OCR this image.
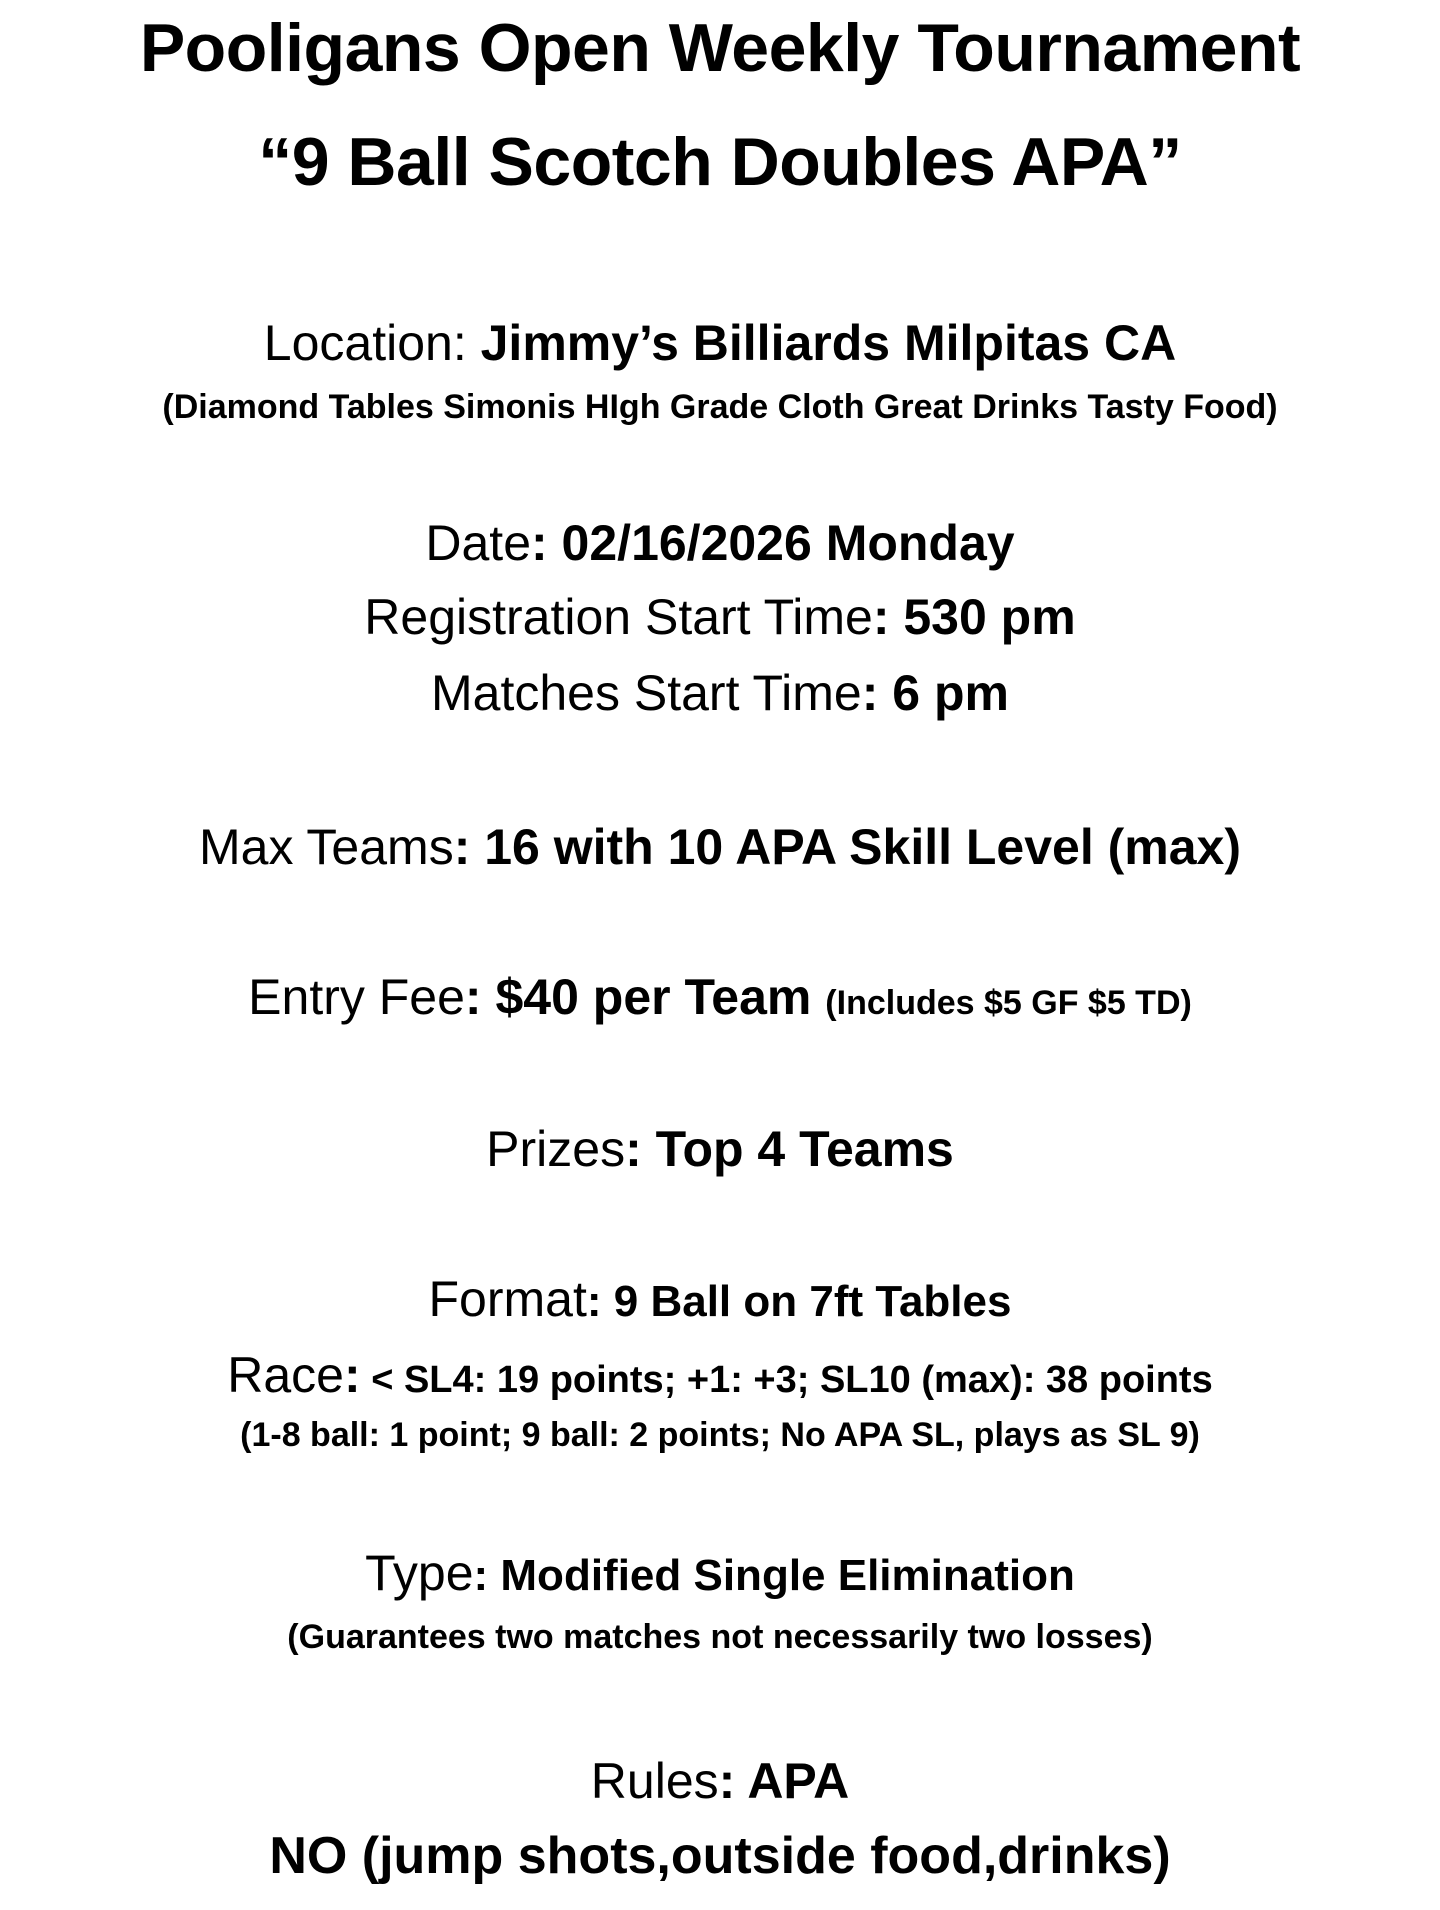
Pooligans Open Weekly Tournament
“9 Ball Scotch Doubles APA”
Location: Jimmy’s Billiards Milpitas CA
(Diamond Tables Simonis HIgh Grade Cloth Great Drinks Tasty Food)
Date: 02/16/2026 Monday
Registration Start Time: 530 pm
Matches Start Time: 6 pm
Max Teams: 16 with 10 APA Skill Level (max)
Entry Fee: $40 per Team (Includes $5 GF $5 TD)
Prizes: Top 4 Teams
Format: 9 Ball on 7ft Tables
Race: < SL4: 19 points; +1: +3; SL10 (max): 38 points
(1-8 ball: 1 point; 9 ball: 2 points; No APA SL, plays as SL 9)
Type: Modified Single Elimination
(Guarantees two matches not necessarily two losses)
Rules: APA
NO (jump shots,outside food,drinks)
